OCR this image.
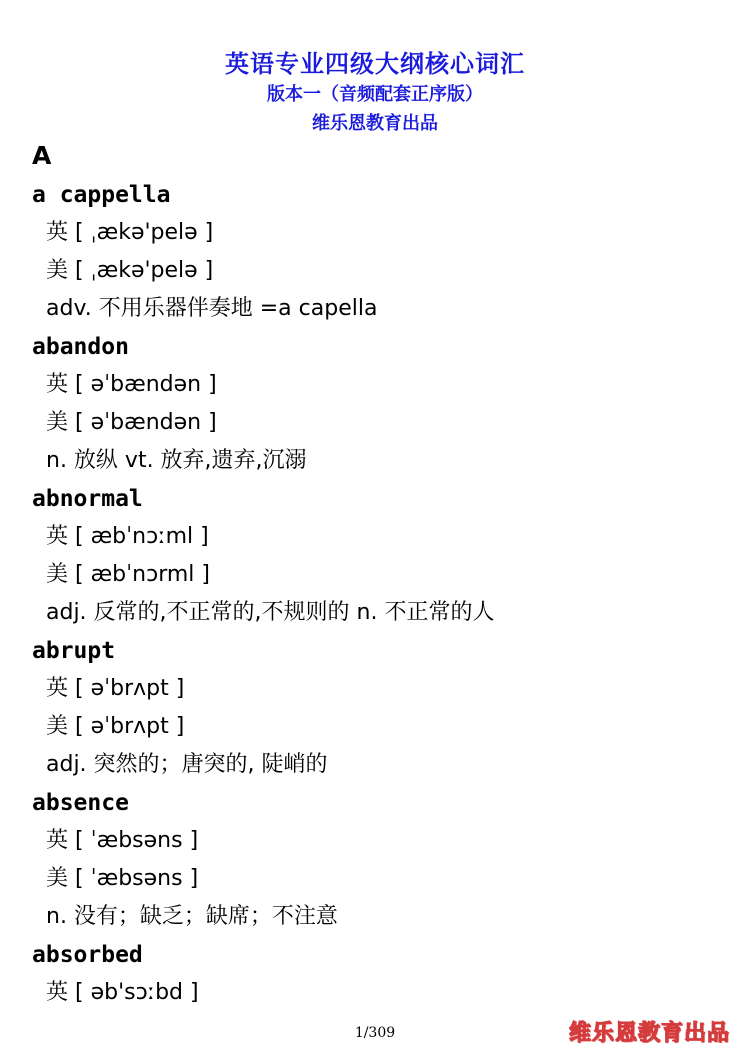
英语专业四级大纲核心词汇
版本一（音频配套正序版）
维乐恩教育出品
A
a cappella
英 [ ˌækə'pelə ]
美 [ ˌækə'pelə ]
adv. 不用乐器伴奏地 =a capella
abandon
英 [ əˈbændən ]
美 [ əˈbændən ]
n. 放纵 vt. 放弃,遗弃,沉溺
abnormal
英 [ æbˈnɔːml ]
美 [ æbˈnɔrml ]
adj. 反常的,不正常的,不规则的 n. 不正常的人
abrupt
英 [ əˈbrʌpt ]
美 [ əˈbrʌpt ]
adj. 突然的；唐突的, 陡峭的
absence
英 [ ˈæbsəns ]
美 [ ˈæbsəns ]
n. 没有；缺乏；缺席；不注意
absorbed
英 [ əb'sɔːbd ]
1/309	维乐恩教育出品
